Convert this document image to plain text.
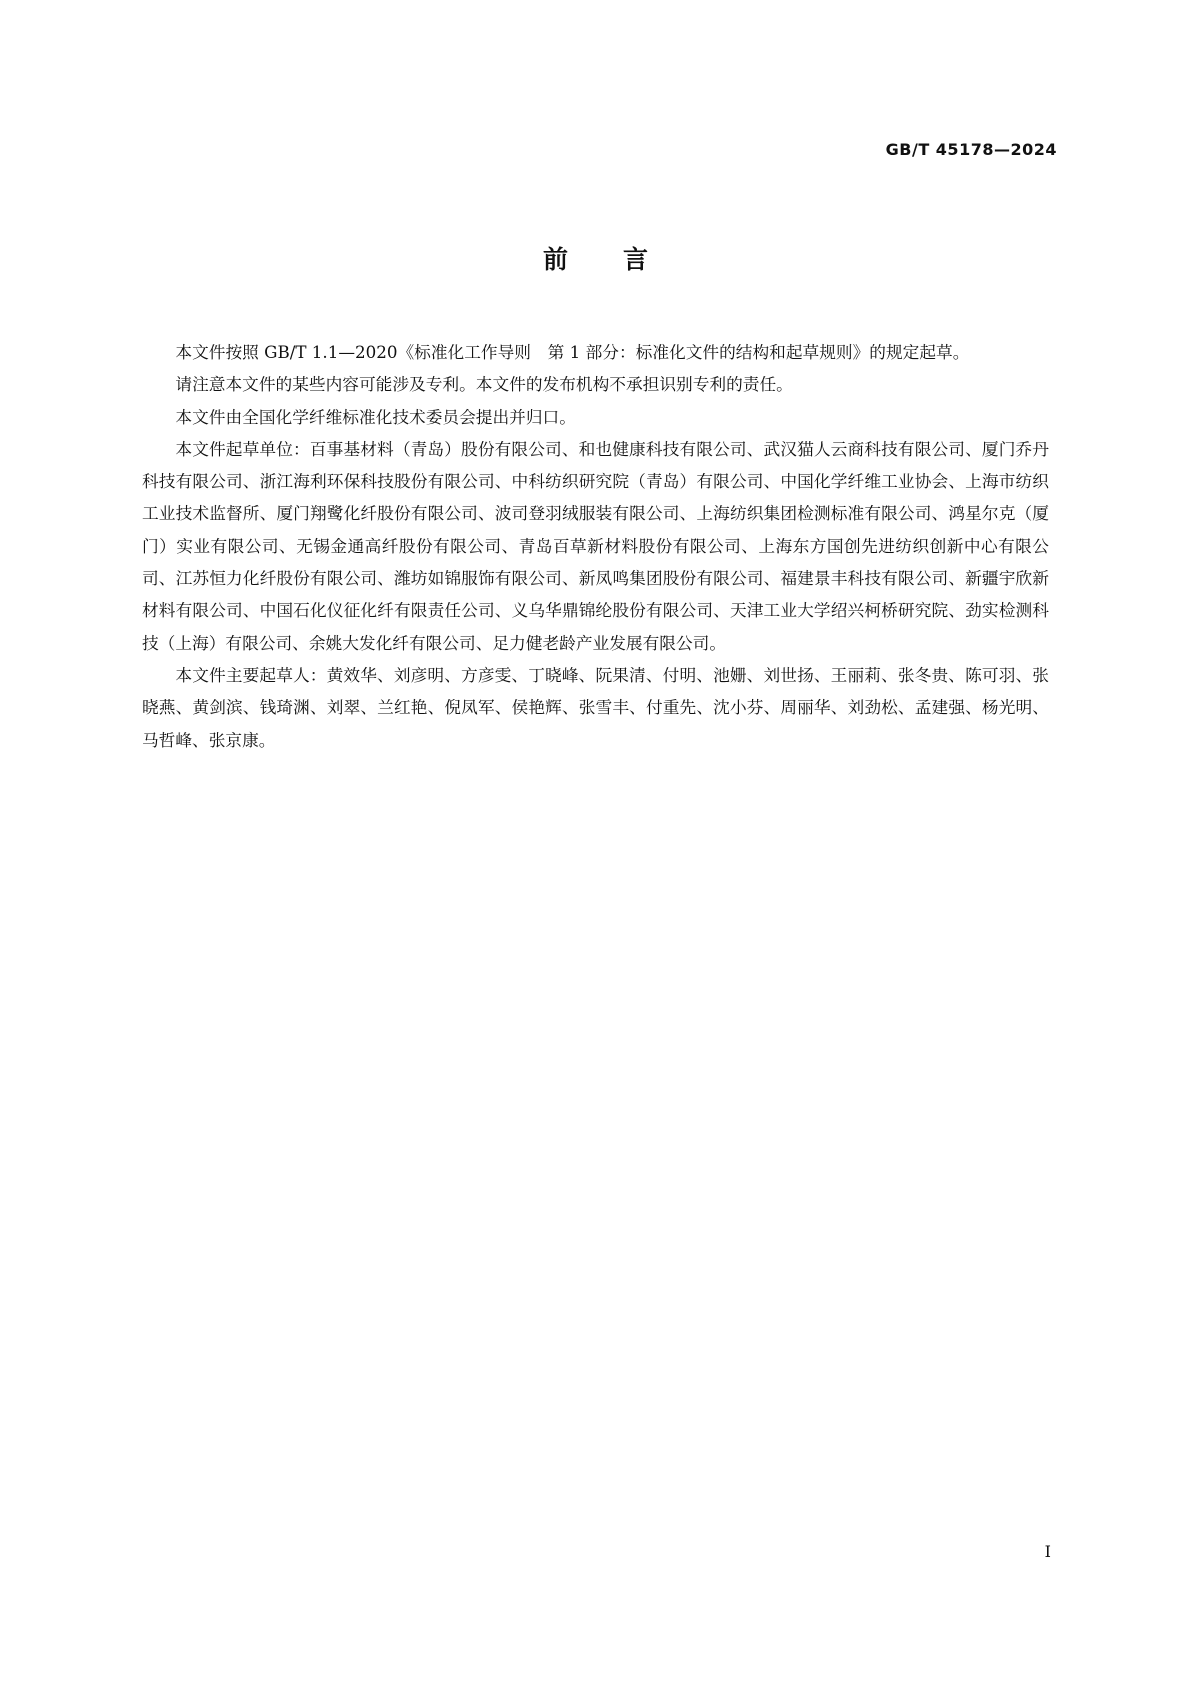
GB/T 45178—2024
前言

本文件按照 GB/T 1.1—2020《标准化工作导则　第 1 部分：标准化文件的结构和起草规则》的规定起草。

请注意本文件的某些内容可能涉及专利。本文件的发布机构不承担识别专利的责任。

本文件由全国化学纤维标准化技术委员会提出并归口。

本文件起草单位：百事基材料（青岛）股份有限公司、和也健康科技有限公司、武汉猫人云商科技有限公司、厦门乔丹科技有限公司、浙江海利环保科技股份有限公司、中科纺织研究院（青岛）有限公司、中国化学纤维工业协会、上海市纺织工业技术监督所、厦门翔鹭化纤股份有限公司、波司登羽绒服装有限公司、上海纺织集团检测标准有限公司、鸿星尔克（厦门）实业有限公司、无锡金通高纤股份有限公司、青岛百草新材料股份有限公司、上海东方国创先进纺织创新中心有限公司、江苏恒力化纤股份有限公司、潍坊如锦服饰有限公司、新凤鸣集团股份有限公司、福建景丰科技有限公司、新疆宇欣新材料有限公司、中国石化仪征化纤有限责任公司、义乌华鼎锦纶股份有限公司、天津工业大学绍兴柯桥研究院、劲实检测科技（上海）有限公司、余姚大发化纤有限公司、足力健老龄产业发展有限公司。

本文件主要起草人：黄效华、刘彦明、方彦雯、丁晓峰、阮果清、付明、池姗、刘世扬、王丽莉、张冬贵、陈可羽、张晓燕、黄剑滨、钱琦渊、刘翠、兰红艳、倪凤军、侯艳辉、张雪丰、付重先、沈小芬、周丽华、刘劲松、孟建强、杨光明、马哲峰、张京康。

I
